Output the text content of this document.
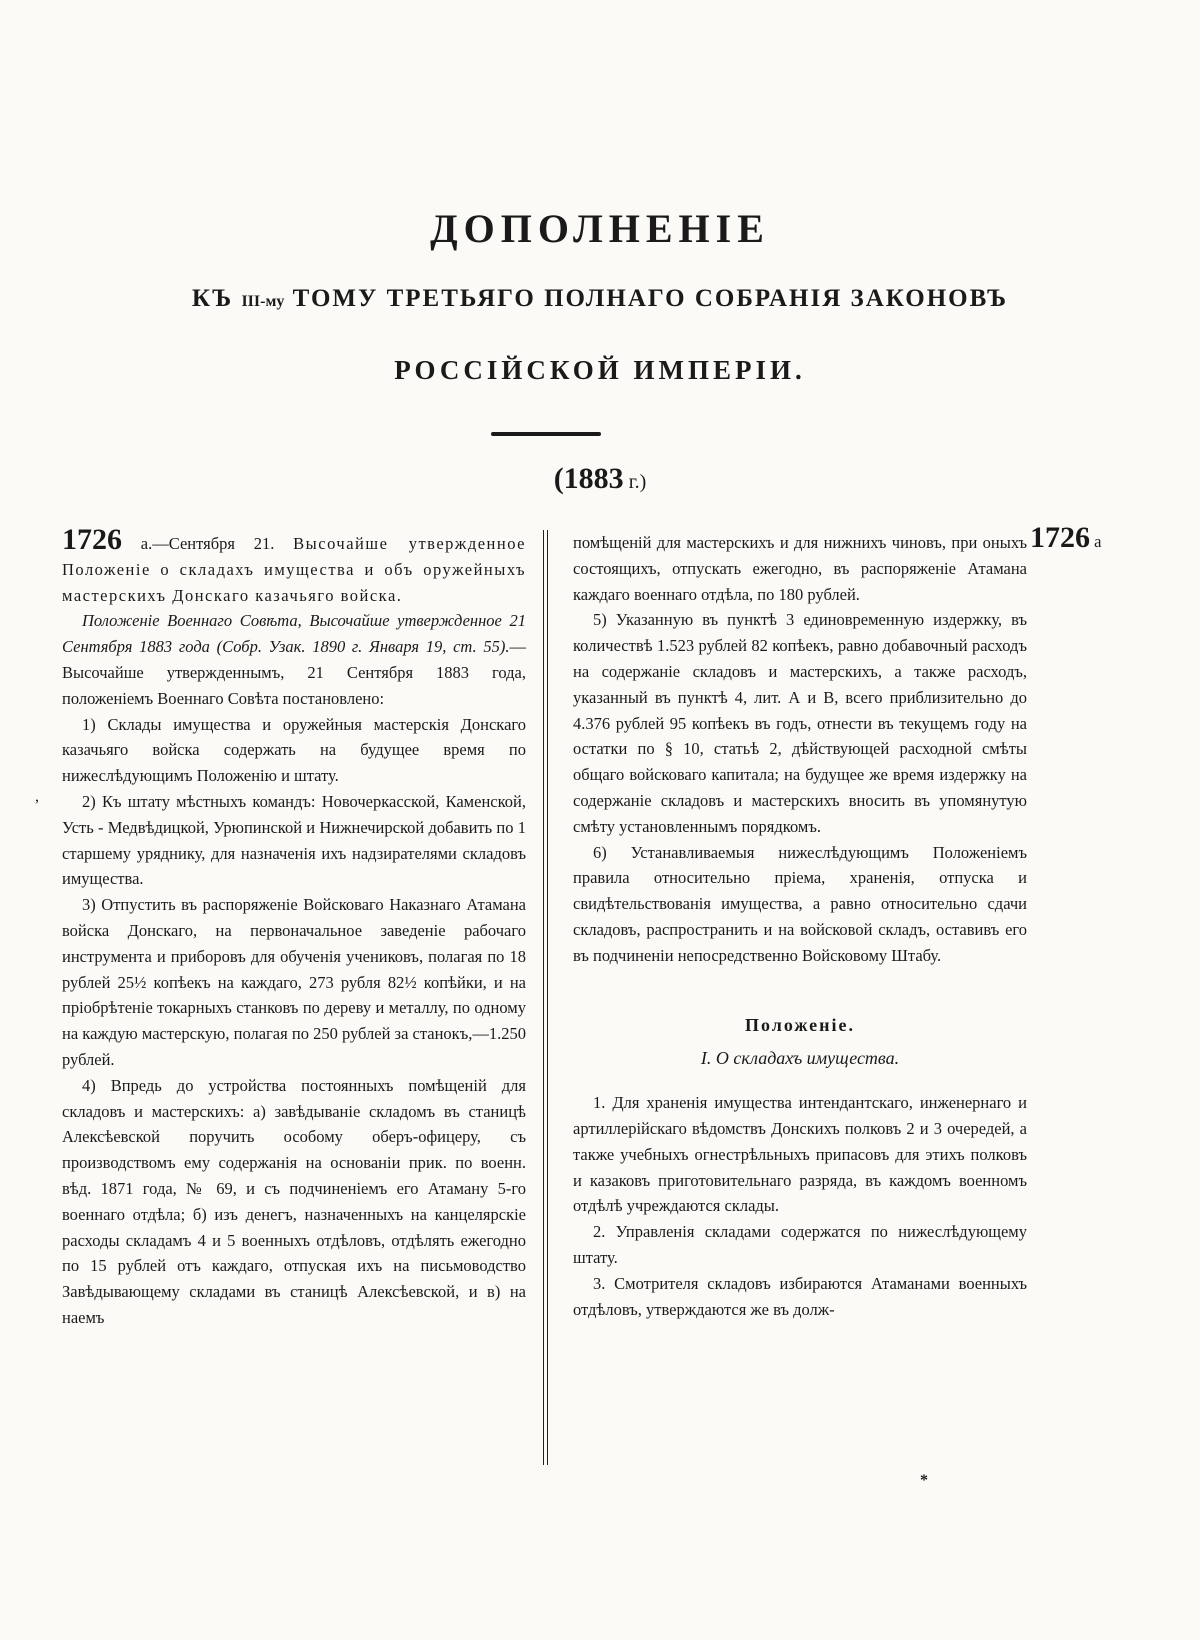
ДОПОЛНЕНІЕ
КЪ III-му ТОМУ ТРЕТЬЯГО ПОЛНАГО СОБРАНІЯ ЗАКОНОВЪ
РОССІЙСКОЙ ИМПЕРІИ.
(1883 г.)
,

1726 а.—Сентября 21. Высочайше утвержденное Положеніе о складахъ имущества и объ оружейныхъ мастерскихъ Донскаго казачьяго войска.

Положеніе Военнаго Совѣта, Высочайше утвержденное 21 Сентября 1883 года (Собр. Узак. 1890 г. Января 19, ст. 55).—Высочайше утвержденнымъ, 21 Сентября 1883 года, положеніемъ Военнаго Совѣта постановлено:

1) Склады имущества и оружейныя мастерскія Донскаго казачьяго войска содержать на будущее время по нижеслѣдующимъ Положенію и штату.

2) Къ штату мѣстныхъ командъ: Новочеркасской, Каменской, Усть - Медвѣдицкой, Урюпинской и Нижнечирской добавить по 1 старшему уряднику, для назначенія ихъ надзирателями складовъ имущества.

3) Отпустить въ распоряженіе Войсковаго Наказнаго Атамана войска Донскаго, на первоначальное заведеніе рабочаго инструмента и приборовъ для обученія учениковъ, полагая по 18 рублей 25½ копѣекъ на каждаго, 273 рубля 82½ копѣйки, и на пріобрѣтеніе токарныхъ станковъ по дереву и металлу, по одному на каждую мастерскую, полагая по 250 рублей за станокъ,—1.250 рублей.

4) Впредь до устройства постоянныхъ помѣщеній для складовъ и мастерскихъ: а) завѣдываніе складомъ въ станицѣ Алексѣевской поручить особому оберъ-офицеру, съ производствомъ ему содержанія на основаніи прик. по военн. вѣд. 1871 года, № 69, и съ подчиненіемъ его Атаману 5-го военнаго отдѣла; б) изъ денегъ, назначенныхъ на канцелярскіе расходы складамъ 4 и 5 военныхъ отдѣловъ, отдѣлять ежегодно по 15 рублей отъ каждаго, отпуская ихъ на письмоводство Завѣдывающему складами въ станицѣ Алексѣевской, и в) на наемъ

помѣщеній для мастерскихъ и для нижнихъ чиновъ, при оныхъ состоящихъ, отпускать ежегодно, въ распоряженіе Атамана каждаго военнаго отдѣла, по 180 рублей.

5) Указанную въ пунктѣ 3 единовременную издержку, въ количествѣ 1.523 рублей 82 копѣекъ, равно добавочный расходъ на содержаніе складовъ и мастерскихъ, а также расходъ, указанный въ пунктѣ 4, лит. А и В, всего приблизительно до 4.376 рублей 95 копѣекъ въ годъ, отнести въ текущемъ году на остатки по § 10, статьѣ 2, дѣйствующей расходной смѣты общаго войсковаго капитала; на будущее же время издержку на содержаніе складовъ и мастерскихъ вносить въ упомянутую смѣту установленнымъ порядкомъ.

6) Устанавливаемыя нижеслѣдующимъ Положеніемъ правила относительно пріема, храненія, отпуска и свидѣтельствованія имущества, а равно относительно сдачи складовъ, распространить и на войсковой складъ, оставивъ его въ подчиненіи непосредственно Войсковому Штабу.

Положеніе.

I. О складахъ имущества.

1. Для храненія имущества интендантскаго, инженернаго и артиллерійскаго вѣдомствъ Донскихъ полковъ 2 и 3 очередей, а также учебныхъ огнестрѣльныхъ припасовъ для этихъ полковъ и казаковъ приготовительнаго разряда, въ каждомъ военномъ отдѣлѣ учреждаются склады.

2. Управленія складами содержатся по нижеслѣдующему штату.

3. Смотрителя складовъ избираются Атаманами военныхъ отдѣловъ, утверждаются же въ долж-

1726 а
*
